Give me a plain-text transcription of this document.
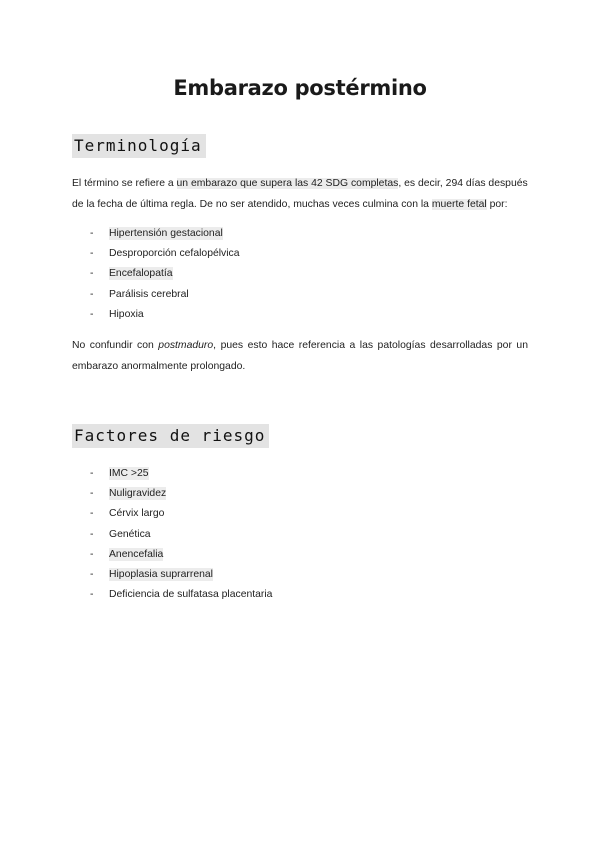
Embarazo postérmino
Terminología

El término se refiere a un embarazo que supera las 42 SDG completas, es decir, 294 días después de la fecha de última regla. De no ser atendido, muchas veces culmina con la muerte fetal por:

- Hipertensión gestacional
- Desproporción cefalopélvica
- Encefalopatía
- Parálisis cerebral
- Hipoxia

No confundir con postmaduro, pues esto hace referencia a las patologías desarrolladas por un embarazo anormalmente prolongado.

Factores de riesgo
- IMC >25
- Nuligravidez
- Cérvix largo
- Genética
- Anencefalia
- Hipoplasia suprarrenal
- Deficiencia de sulfatasa placentaria
